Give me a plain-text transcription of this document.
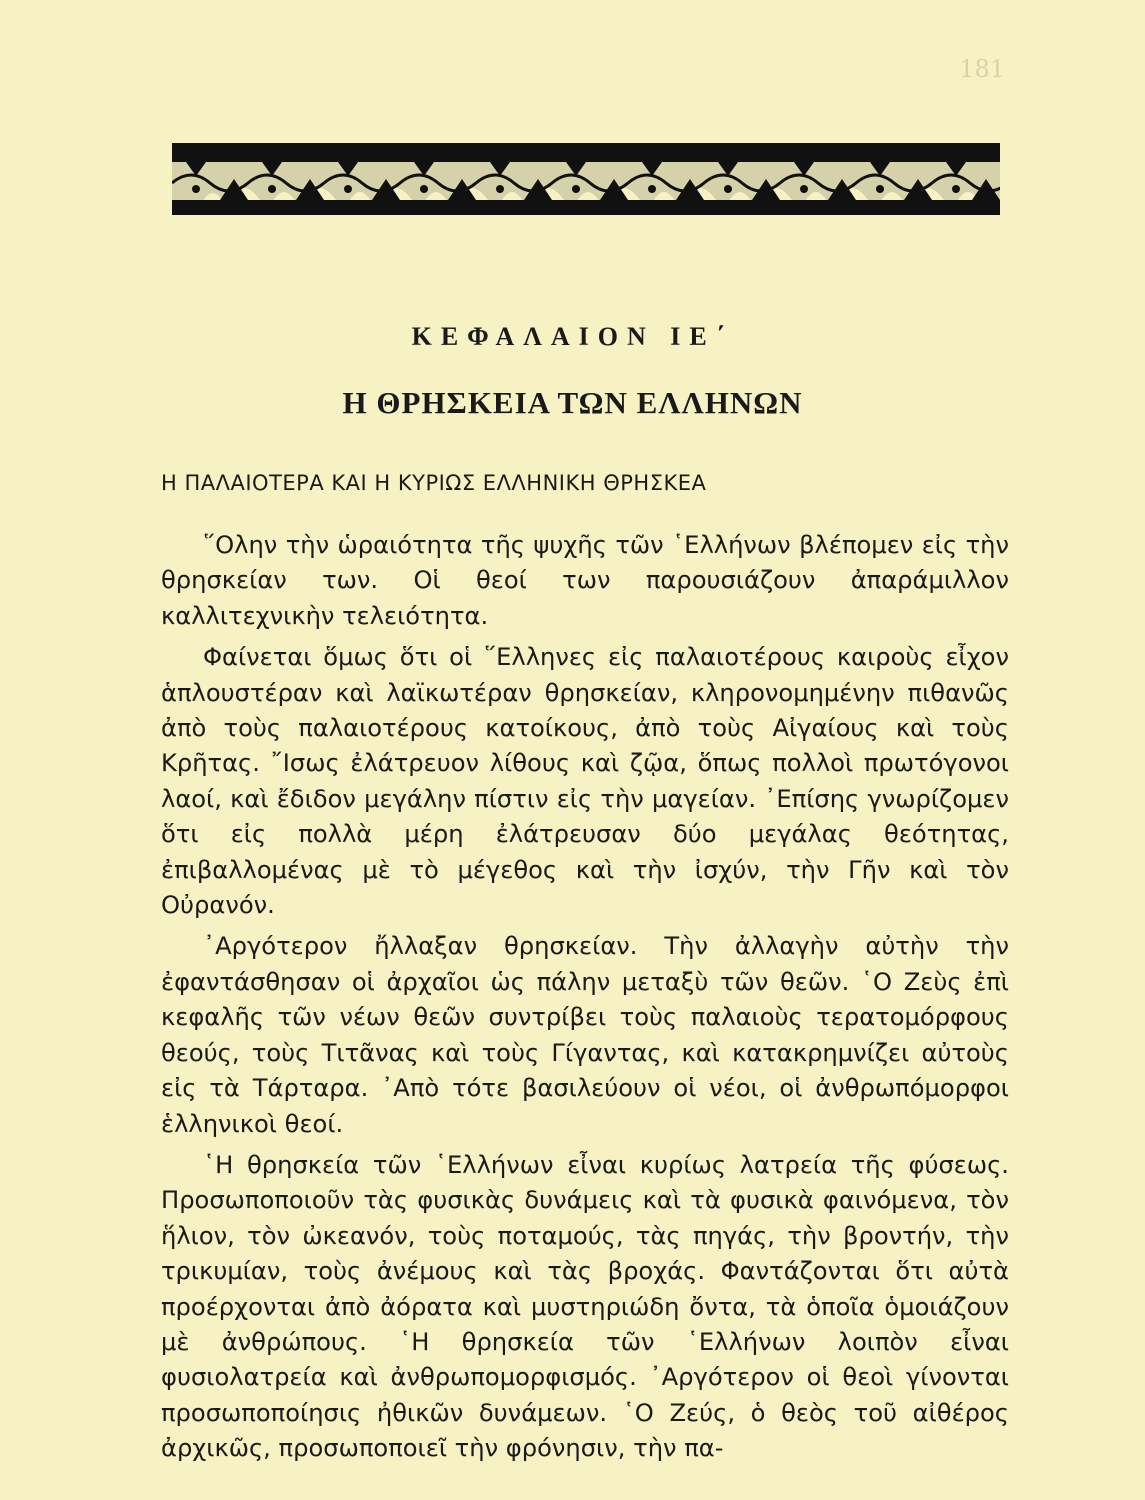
181
ΚΕΦΑΛΑΙΟΝ ΙΕ΄
Η ΘΡΗΣΚΕΙΑ ΤΩΝ ΕΛΛΗΝΩΝ
Η ΠΑΛΑΙΟΤΕΡΑ ΚΑΙ Η ΚΥΡΙΩΣ ΕΛΛΗΝΙΚΗ ΘΡΗΣΚΕΑ

῞Ολην τὴν ὡραιότητα τῆς ψυχῆς τῶν ῾Ελλήνων βλέπομεν εἰς τὴν θρησκείαν των. Οἱ θεοί των παρουσιάζουν ἀπαράμιλλον καλλιτεχνικὴν τελειότητα.

Φαίνεται ὅμως ὅτι οἱ ῞Ελληνες εἰς παλαιοτέρους καιροὺς εἶχον ἁπλουστέραν καὶ λαϊκωτέραν θρησκείαν, κληρονομημένην πιθανῶς ἀπὸ τοὺς παλαιοτέρους κατοίκους, ἀπὸ τοὺς Αἰγαίους καὶ τοὺς Κρῆτας. ῎Ισως ἐλάτρευον λίθους καὶ ζῷα, ὅπως πολλοὶ πρωτόγονοι λαοί, καὶ ἔδιδον μεγάλην πίστιν εἰς τὴν μαγείαν. ᾿Επίσης γνωρίζομεν ὅτι εἰς πολλὰ μέρη ἐλάτρευσαν δύο μεγάλας θεότητας, ἐπιβαλλομένας μὲ τὸ μέγεθος καὶ τὴν ἰσχύν, τὴν Γῆν καὶ τὸν Οὐρανόν.

᾿Αργότερον ἤλλαξαν θρησκείαν. Τὴν ἀλλαγὴν αὐτὴν τὴν ἐφαντάσθησαν οἱ ἀρχαῖοι ὡς πάλην μεταξὺ τῶν θεῶν. ῾Ο Ζεὺς ἐπὶ κεφαλῆς τῶν νέων θεῶν συντρίβει τοὺς παλαιοὺς τερατομόρφους θεούς, τοὺς Τιτᾶνας καὶ τοὺς Γίγαντας, καὶ κατακρημνίζει αὐτοὺς εἰς τὰ Τάρταρα. ᾿Απὸ τότε βασιλεύουν οἱ νέοι, οἱ ἀνθρωπόμορφοι ἑλληνικοὶ θεοί.

῾Η θρησκεία τῶν ῾Ελλήνων εἶναι κυρίως λατρεία τῆς φύσεως. Προσωποποιοῦν τὰς φυσικὰς δυνάμεις καὶ τὰ φυσικὰ φαινόμενα, τὸν ἥλιον, τὸν ὠκεανόν, τοὺς ποταμούς, τὰς πηγάς, τὴν βροντήν, τὴν τρικυμίαν, τοὺς ἀνέμους καὶ τὰς βροχάς. Φαντάζονται ὅτι αὐτὰ προέρχονται ἀπὸ ἀόρατα καὶ μυστηριώδη ὄντα, τὰ ὁποῖα ὁμοιάζουν μὲ ἀνθρώπους. ῾Η θρησκεία τῶν ῾Ελλήνων λοιπὸν εἶναι φυσιολατρεία καὶ ἀνθρωπομορφισμός. ᾿Αργότερον οἱ θεοὶ γίνονται προσωποποίησις ἠθικῶν δυνάμεων. ῾Ο Ζεύς, ὁ θεὸς τοῦ αἰθέρος ἀρχικῶς, προσωποποιεῖ τὴν φρόνησιν, τὴν πα-
